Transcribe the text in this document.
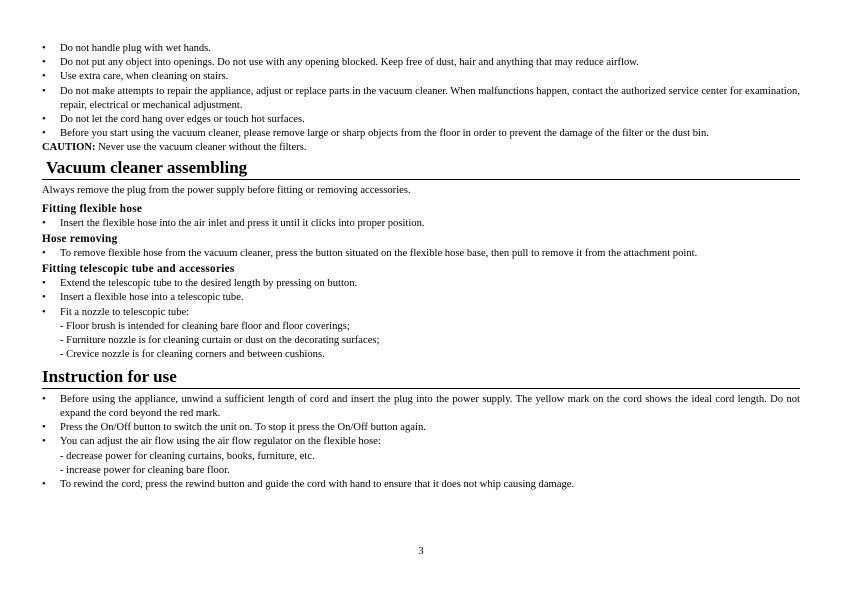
• Do not handle plug with wet hands.
• Do not put any object into openings. Do not use with any opening blocked. Keep free of dust, hair and anything that may reduce airflow.
• Use extra care, when cleaning on stairs.
• Do not make attempts to repair the appliance, adjust or replace parts in the vacuum cleaner. When malfunctions happen, contact the authorized service center for examination, repair, electrical or mechanical adjustment.
• Do not let the cord hang over edges or touch hot surfaces.
• Before you start using the vacuum cleaner, please remove large or sharp objects from the floor in order to prevent the damage of the filter or the dust bin.
CAUTION: Never use the vacuum cleaner without the filters.
Vacuum cleaner assembling
Always remove the plug from the power supply before fitting or removing accessories.
Fitting flexible hose
• Insert the flexible hose into the air inlet and press it until it clicks into proper position.
Hose removing
• To remove flexible hose from the vacuum cleaner, press the button situated on the flexible hose base, then pull to remove it from the attachment point.
Fitting telescopic tube and accessories
• Extend the telescopic tube to the desired length by pressing on button.
• Insert a flexible hose into a telescopic tube.
• Fit a nozzle to telescopic tube:
- Floor brush is intended for cleaning bare floor and floor coverings;
- Furniture nozzle is for cleaning curtain or dust on the decorating surfaces;
- Crevice nozzle is for cleaning corners and between cushions.
Instruction for use
• Before using the appliance, unwind a sufficient length of cord and insert the plug into the power supply. The yellow mark on the cord shows the ideal cord length. Do not expand the cord beyond the red mark.
• Press the On/Off button to switch the unit on. To stop it press the On/Off button again.
• You can adjust the air flow using the air flow regulator on the flexible hose:
- decrease power for cleaning curtains, books, furniture, etc.
- increase power for cleaning bare floor.
• To rewind the cord, press the rewind button and guide the cord with hand to ensure that it does not whip causing damage.
3
